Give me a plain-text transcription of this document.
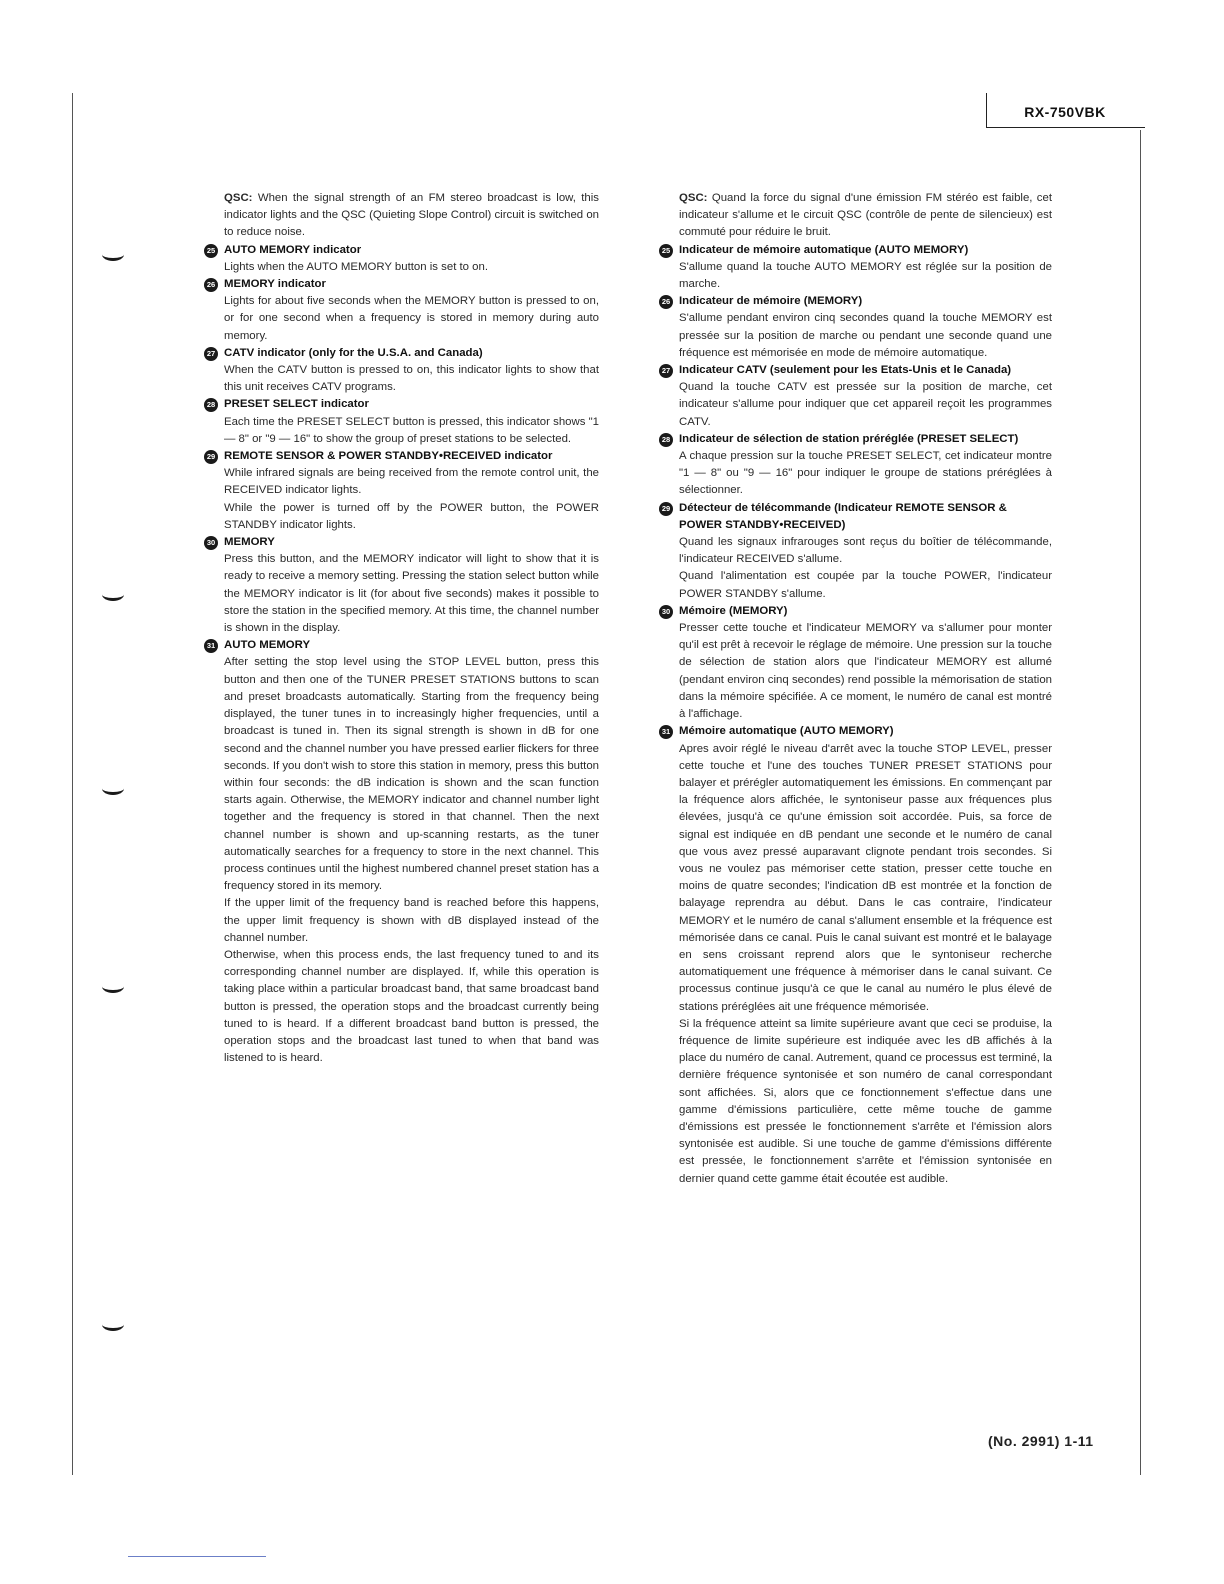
RX-750VBK

QSC: When the signal strength of an FM stereo broadcast is low, this indicator lights and the QSC (Quieting Slope Control) circuit is switched on to reduce noise.

25 AUTO MEMORY indicator

Lights when the AUTO MEMORY button is set to on.

26 MEMORY indicator

Lights for about five seconds when the MEMORY button is pressed to on, or for one second when a frequency is stored in memory during auto memory.

27 CATV indicator (only for the U.S.A. and Canada)

When the CATV button is pressed to on, this indicator lights to show that this unit receives CATV programs.

28 PRESET SELECT indicator

Each time the PRESET SELECT button is pressed, this indicator shows "1 — 8" or "9 — 16" to show the group of preset stations to be selected.

29 REMOTE SENSOR & POWER STANDBY•RECEIVED indicator

While infrared signals are being received from the remote control unit, the RECEIVED indicator lights.

While the power is turned off by the POWER button, the POWER STANDBY indicator lights.

30 MEMORY

Press this button, and the MEMORY indicator will light to show that it is ready to receive a memory setting. Pressing the station select button while the MEMORY indicator is lit (for about five seconds) makes it possible to store the station in the specified memory. At this time, the channel number is shown in the display.

31 AUTO MEMORY

After setting the stop level using the STOP LEVEL button, press this button and then one of the TUNER PRESET STATIONS buttons to scan and preset broadcasts automatically. Starting from the frequency being displayed, the tuner tunes in to increasingly higher frequencies, until a broadcast is tuned in. Then its signal strength is shown in dB for one second and the channel number you have pressed earlier flickers for three seconds. If you don't wish to store this station in memory, press this button within four seconds: the dB indication is shown and the scan function starts again. Otherwise, the MEMORY indicator and channel number light together and the frequency is stored in that channel. Then the next channel number is shown and up-scanning restarts, as the tuner automatically searches for a frequency to store in the next channel. This process continues until the highest numbered channel preset station has a frequency stored in its memory.

If the upper limit of the frequency band is reached before this happens, the upper limit frequency is shown with dB displayed instead of the channel number.

Otherwise, when this process ends, the last frequency tuned to and its corresponding channel number are displayed. If, while this operation is taking place within a particular broadcast band, that same broadcast band button is pressed, the operation stops and the broadcast currently being tuned to is heard. If a different broadcast band button is pressed, the operation stops and the broadcast last tuned to when that band was listened to is heard.

QSC: Quand la force du signal d'une émission FM stéréo est faible, cet indicateur s'allume et le circuit QSC (contrôle de pente de silencieux) est commuté pour réduire le bruit.

25 Indicateur de mémoire automatique (AUTO MEMORY)

S'allume quand la touche AUTO MEMORY est réglée sur la position de marche.

26 Indicateur de mémoire (MEMORY)

S'allume pendant environ cinq secondes quand la touche MEMORY est pressée sur la position de marche ou pendant une seconde quand une fréquence est mémorisée en mode de mémoire automatique.

27 Indicateur CATV (seulement pour les Etats-Unis et le Canada)

Quand la touche CATV est pressée sur la position de marche, cet indicateur s'allume pour indiquer que cet appareil reçoit les programmes CATV.

28 Indicateur de sélection de station préréglée (PRESET SELECT)

A chaque pression sur la touche PRESET SELECT, cet indicateur montre "1 — 8" ou "9 — 16" pour indiquer le groupe de stations préréglées à sélectionner.

29 Détecteur de télécommande (Indicateur REMOTE SENSOR & POWER STANDBY•RECEIVED)

Quand les signaux infrarouges sont reçus du boîtier de télécommande, l'indicateur RECEIVED s'allume.

Quand l'alimentation est coupée par la touche POWER, l'indicateur POWER STANDBY s'allume.

30 Mémoire (MEMORY)

Presser cette touche et l'indicateur MEMORY va s'allumer pour monter qu'il est prêt à recevoir le réglage de mémoire. Une pression sur la touche de sélection de station alors que l'indicateur MEMORY est allumé (pendant environ cinq secondes) rend possible la mémorisation de station dans la mémoire spécifiée. A ce moment, le numéro de canal est montré à l'affichage.

31 Mémoire automatique (AUTO MEMORY)

Apres avoir réglé le niveau d'arrêt avec la touche STOP LEVEL, presser cette touche et l'une des touches TUNER PRESET STATIONS pour balayer et prérégler automatiquement les émissions. En commençant par la fréquence alors affichée, le syntoniseur passe aux fréquences plus élevées, jusqu'à ce qu'une émission soit accordée. Puis, sa force de signal est indiquée en dB pendant une seconde et le numéro de canal que vous avez pressé auparavant clignote pendant trois secondes. Si vous ne voulez pas mémoriser cette station, presser cette touche en moins de quatre secondes; l'indication dB est montrée et la fonction de balayage reprendra au début. Dans le cas contraire, l'indicateur MEMORY et le numéro de canal s'allument ensemble et la fréquence est mémorisée dans ce canal. Puis le canal suivant est montré et le balayage en sens croissant reprend alors que le syntoniseur recherche automatiquement une fréquence à mémoriser dans le canal suivant. Ce processus continue jusqu'à ce que le canal au numéro le plus élevé de stations préréglées ait une fréquence mémorisée.

Si la fréquence atteint sa limite supérieure avant que ceci se produise, la fréquence de limite supérieure est indiquée avec les dB affichés à la place du numéro de canal. Autrement, quand ce processus est terminé, la dernière fréquence syntonisée et son numéro de canal correspondant sont affichées. Si, alors que ce fonctionnement s'effectue dans une gamme d'émissions particulière, cette même touche de gamme d'émissions est pressée le fonctionnement s'arrête et l'émission alors syntonisée est audible. Si une touche de gamme d'émissions différente est pressée, le fonctionnement s'arrête et l'émission syntonisée en dernier quand cette gamme était écoutée est audible.

(No. 2991) 1-11
